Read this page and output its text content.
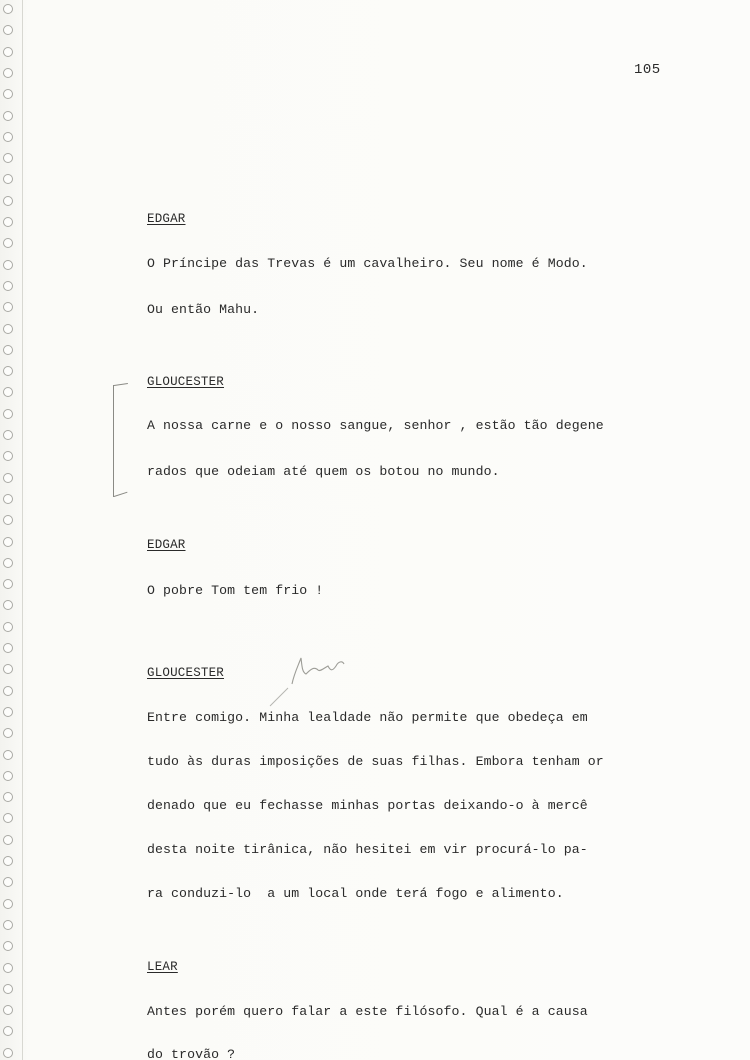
105
EDGAR
O Príncipe das Trevas é um cavalheiro. Seu nome é Modo.
Ou então Mahu.
GLOUCESTER
A nossa carne e o nosso sangue, senhor , estão tão degene
rados que odeiam até quem os botou no mundo.
EDGAR
O pobre Tom tem frio !
GLOUCESTER
Entre comigo. Minha lealdade não permite que obedeça em
tudo às duras imposições de suas filhas. Embora tenham or
denado que eu fechasse minhas portas deixando-o à mercê
desta noite tirânica, não hesitei em vir procurá-lo pa-
ra conduzi-lo  a um local onde terá fogo e alimento.
LEAR
Antes porém quero falar a este filósofo. Qual é a causa
do trovão ?
